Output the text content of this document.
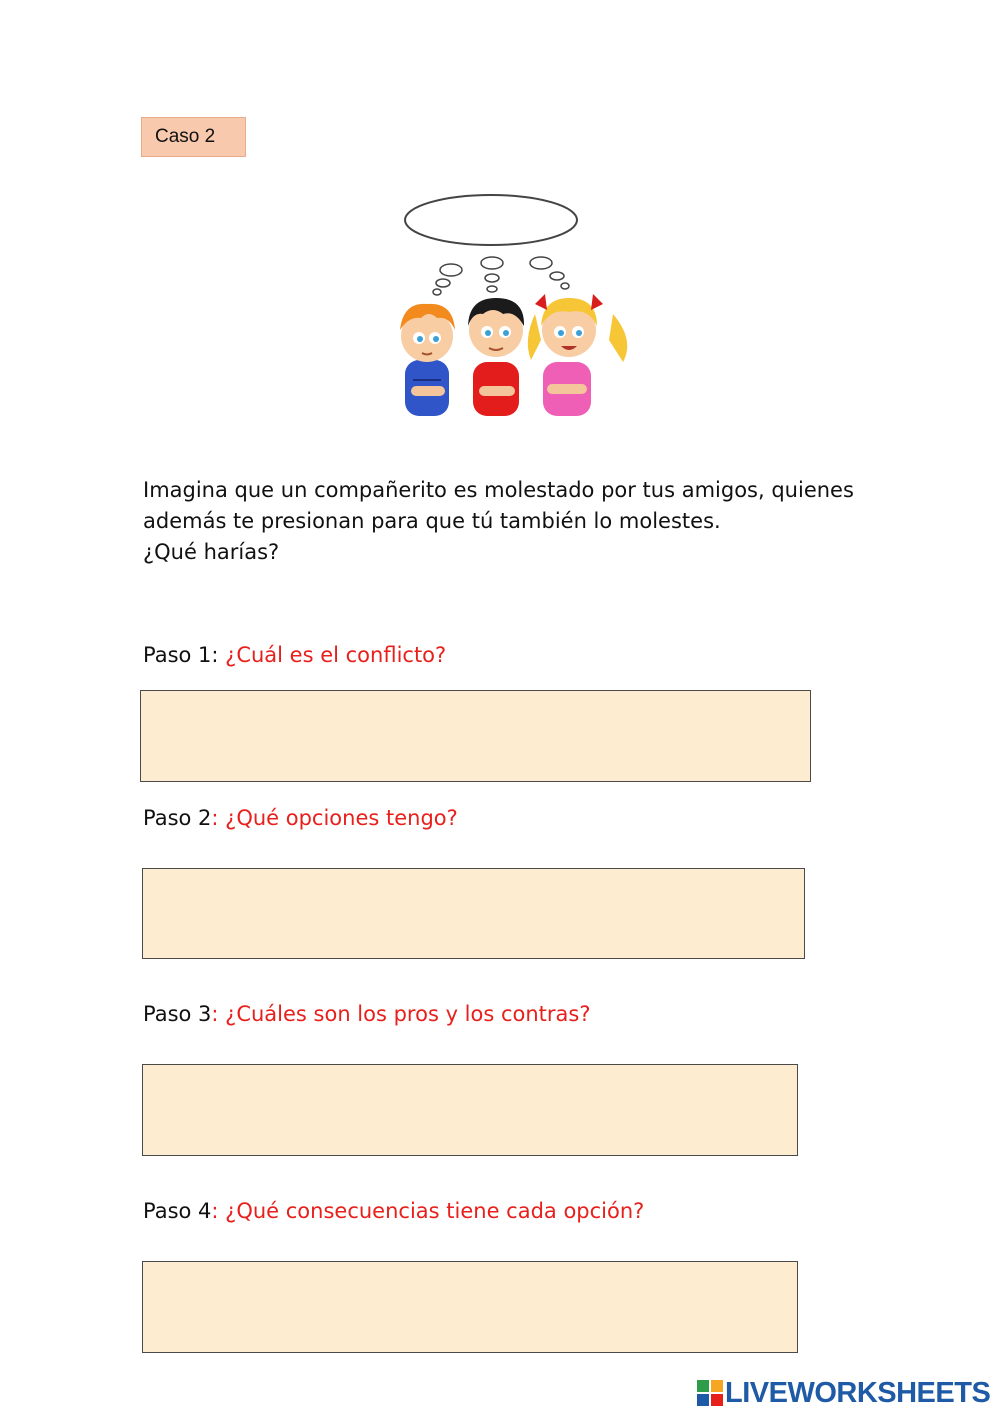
Caso 2
Imagina que un compañerito es molestado por tus amigos, quienes
además te presionan para que tú también lo molestes.
¿Qué harías?
Paso 1: ¿Cuál es el conflicto?
Paso 2: ¿Qué opciones tengo?
Paso 3: ¿Cuáles son los pros y los contras?
Paso 4: ¿Qué consecuencias tiene cada opción?
LIVEWORKSHEETS
